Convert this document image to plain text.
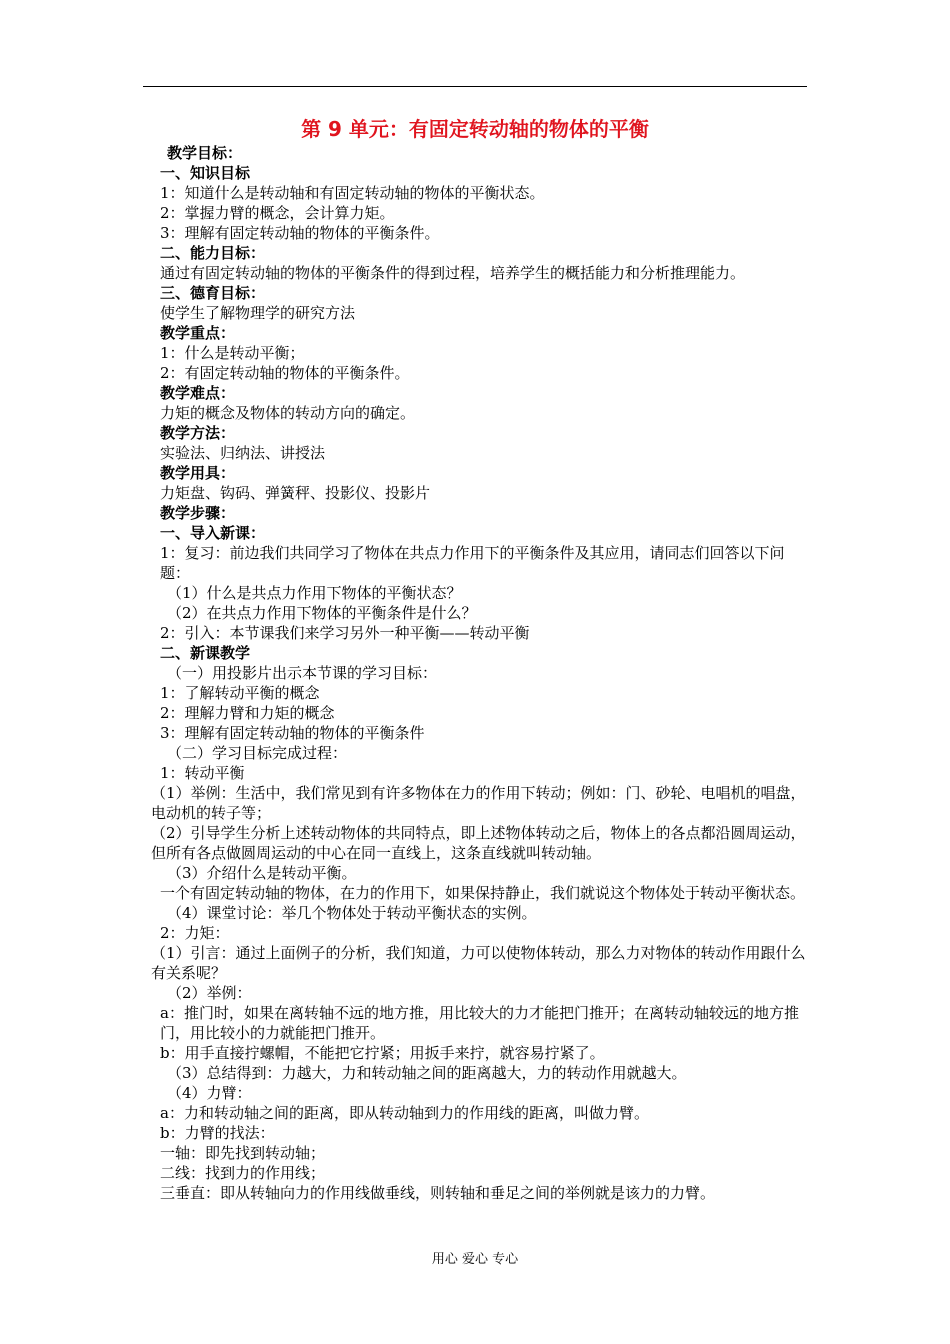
第 9 单元：有固定转动轴的物体的平衡
教学目标：
一、知识目标
1：知道什么是转动轴和有固定转动轴的物体的平衡状态。
2：掌握力臂的概念，会计算力矩。
3：理解有固定转动轴的物体的平衡条件。
二、能力目标：
通过有固定转动轴的物体的平衡条件的得到过程，培养学生的概括能力和分析推理能力。
三、德育目标：
使学生了解物理学的研究方法
教学重点：
1：什么是转动平衡；
2：有固定转动轴的物体的平衡条件。
教学难点：
力矩的概念及物体的转动方向的确定。
教学方法：
实验法、归纳法、讲授法
教学用具：
力矩盘、钩码、弹簧秤、投影仪、投影片
教学步骤：
一、导入新课：
1：复习：前边我们共同学习了物体在共点力作用下的平衡条件及其应用，请同志们回答以下问题：
（1）什么是共点力作用下物体的平衡状态？
（2）在共点力作用下物体的平衡条件是什么？
2：引入：本节课我们来学习另外一种平衡——转动平衡
二、新课教学
（一）用投影片出示本节课的学习目标：
1：了解转动平衡的概念
2：理解力臂和力矩的概念
3：理解有固定转动轴的物体的平衡条件
（二）学习目标完成过程：
1：转动平衡
（1）举例：生活中，我们常见到有许多物体在力的作用下转动；例如：门、砂轮、电唱机的唱盘，电动机的转子等；
（2）引导学生分析上述转动物体的共同特点，即上述物体转动之后，物体上的各点都沿圆周运动，但所有各点做圆周运动的中心在同一直线上，这条直线就叫转动轴。
（3）介绍什么是转动平衡。
一个有固定转动轴的物体，在力的作用下，如果保持静止，我们就说这个物体处于转动平衡状态。
（4）课堂讨论：举几个物体处于转动平衡状态的实例。
2：力矩：
（1）引言：通过上面例子的分析，我们知道，力可以使物体转动，那么力对物体的转动作用跟什么有关系呢？
（2）举例：
a：推门时，如果在离转轴不远的地方推，用比较大的力才能把门推开；在离转动轴较远的地方推门，用比较小的力就能把门推开。
b：用手直接拧螺帽，不能把它拧紧；用扳手来拧，就容易拧紧了。
（3）总结得到：力越大，力和转动轴之间的距离越大，力的转动作用就越大。
（4）力臂：
a：力和转动轴之间的距离，即从转动轴到力的作用线的距离，叫做力臂。
b：力臂的找法：
一轴：即先找到转动轴；
二线：找到力的作用线；
三垂直：即从转轴向力的作用线做垂线，则转轴和垂足之间的举例就是该力的力臂。
用心 爱心 专心
